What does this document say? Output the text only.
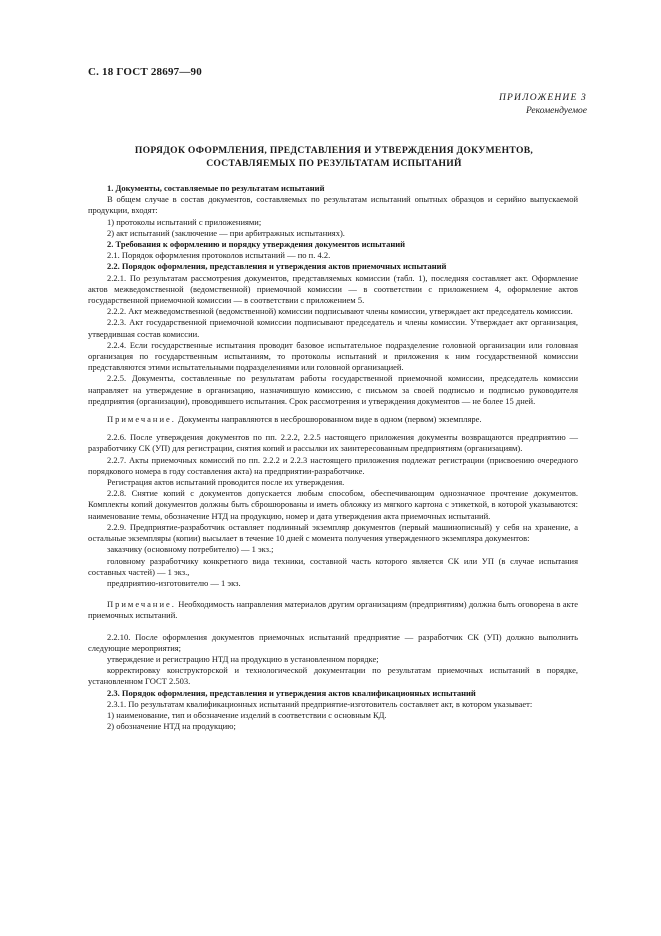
С. 18 ГОСТ 28697—90
ПРИЛОЖЕНИЕ 3
Рекомендуемое
ПОРЯДОК ОФОРМЛЕНИЯ, ПРЕДСТАВЛЕНИЯ И УТВЕРЖДЕНИЯ ДОКУМЕНТОВ,
СОСТАВЛЯЕМЫХ ПО РЕЗУЛЬТАТАМ ИСПЫТАНИЙ

1. Документы, составляемые по результатам испытаний

В общем случае в состав документов, составляемых по результатам испытаний опытных образцов и серийно выпускаемой продукции, входят:

1) протоколы испытаний с приложениями;

2) акт испытаний (заключение — при арбитражных испытаниях).

2. Требования к оформлению и порядку утверждения документов испытаний

2.1. Порядок оформления протоколов испытаний — по п. 4.2.

2.2. Порядок оформления, представления и утверждения актов приемочных испытаний

2.2.1. По результатам рассмотрения документов, представляемых комиссии (табл. 1), последняя составляет акт. Оформление актов межведомственной (ведомственной) приемочной комиссии — в соответствии с приложением 4, оформление актов государственной приемочной комиссии — в соответствии с приложением 5.

2.2.2. Акт межведомственной (ведомственной) комиссии подписывают члены комиссии, утверждает акт председатель комиссии.

2.2.3. Акт государственной приемочной комиссии подписывают председатель и члены комиссии. Утверждает акт организация, утвердившая состав комиссии.

2.2.4. Если государственные испытания проводит базовое испытательное подразделение головной организации или головная организация по государственным испытаниям, то протоколы испытаний и приложения к ним государственной комиссии представляются этими испытательными подразделениями или головной организацией.

2.2.5. Документы, составленные по результатам работы государственной приемочной комиссии, председатель комиссии направляет на утверждение в организацию, назначившую комиссию, с письмом за своей подписью и подписью руководителя предприятия (организации), проводившего испытания. Срок рассмотрения и утверждения документов — не более 15 дней.

Примечание. Документы направляются в несброшюрованном виде в одном (первом) экземпляре.

2.2.6. После утверждения документов по пп. 2.2.2, 2.2.5 настоящего приложения документы возвращаются предприятию — разработчику СК (УП) для регистрации, снятия копий и рассылки их заинтересованным предприятиям (организациям).

2.2.7. Акты приемочных комиссий по пп. 2.2.2 и 2.2.3 настоящего приложения подлежат регистрации (присвоению очередного порядкового номера в году составления акта) на предприятии-разработчике.

Регистрация актов испытаний проводится после их утверждения.

2.2.8. Снятие копий с документов допускается любым способом, обеспечивающим однозначное прочтение документов. Комплекты копий документов должны быть сброшюрованы и иметь обложку из мягкого картона с этикеткой, в которой указываются: наименование темы, обозначение НТД на продукцию, номер и дата утверждения акта приемочных испытаний.

2.2.9. Предприятие-разработчик оставляет подлинный экземпляр документов (первый машинописный) у себя на хранение, а остальные экземпляры (копии) высылает в течение 10 дней с момента получения утвержденного экземпляра документов:

заказчику (основному потребителю) — 1 экз.;

головному разработчику конкретного вида техники, составной часть которого является СК или УП (в случае испытания составных частей) — 1 экз.,

предприятию-изготовителю — 1 экз.

Примечание. Необходимость направления материалов другим организациям (предприятиям) должна быть оговорена в акте приемочных испытаний.

2.2.10. После оформления документов приемочных испытаний предприятие — разработчик СК (УП) должно выполнить следующие мероприятия;

утверждение и регистрацию НТД на продукцию в установленном порядке;

корректировку конструкторской и технологической документации по результатам приемочных испытаний в порядке, установленном ГОСТ 2.503.

2.3. Порядок оформления, представления и утверждения актов квалификационных испытаний

2.3.1. По результатам квалификационных испытаний предприятие-изготовитель составляет акт, в котором указывает:

1) наименование, тип и обозначение изделий в соответствии с основным КД.

2) обозначение НТД на продукцию;
